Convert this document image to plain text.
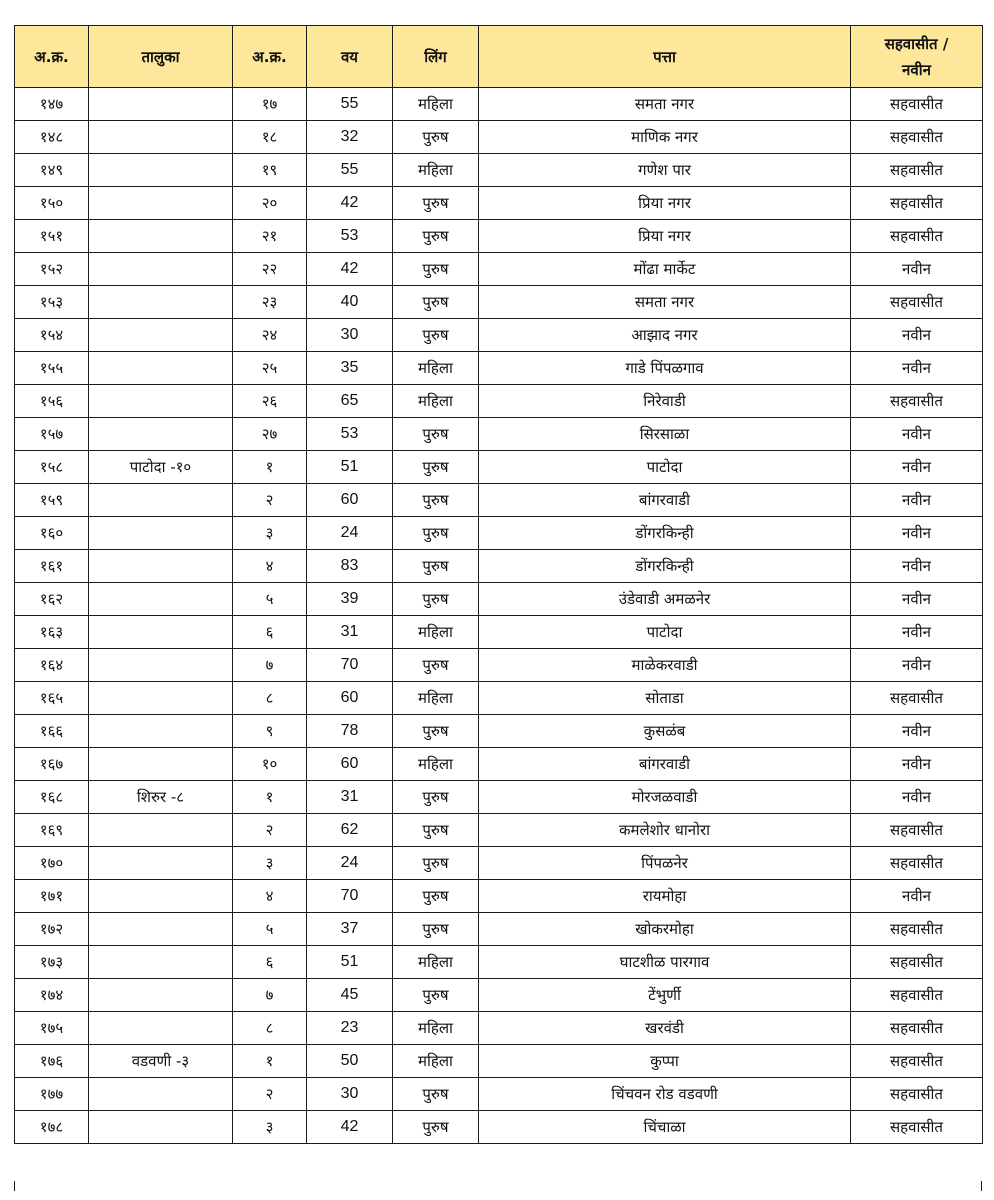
अ.क्र.	तालुका	अ.क्र.	वय	लिंग	पत्ता	सहवासीत /
नवीन

१४७		१७	55	महिला	समता नगर	सहवासीत
१४८		१८	32	पुरुष	माणिक नगर	सहवासीत
१४९		१९	55	महिला	गणेश पार	सहवासीत
१५०		२०	42	पुरुष	प्रिया नगर	सहवासीत
१५१		२१	53	पुरुष	प्रिया नगर	सहवासीत
१५२		२२	42	पुरुष	मोंढा मार्केट	नवीन
१५३		२३	40	पुरुष	समता नगर	सहवासीत
१५४		२४	30	पुरुष	आझाद नगर	नवीन
१५५		२५	35	महिला	गाडे पिंपळगाव	नवीन
१५६		२६	65	महिला	निरेवाडी	सहवासीत
१५७		२७	53	पुरुष	सिरसाळा	नवीन
१५८	पाटोदा -१०	१	51	पुरुष	पाटोदा	नवीन
१५९		२	60	पुरुष	बांगरवाडी	नवीन
१६०		३	24	पुरुष	डोंगरकिन्ही	नवीन
१६१		४	83	पुरुष	डोंगरकिन्ही	नवीन
१६२		५	39	पुरुष	उंडेवाडी अमळनेर	नवीन
१६३		६	31	महिला	पाटोदा	नवीन
१६४		७	70	पुरुष	माळेकरवाडी	नवीन
१६५		८	60	महिला	सोताडा	सहवासीत
१६६		९	78	पुरुष	कुसळंब	नवीन
१६७		१०	60	महिला	बांगरवाडी	नवीन
१६८	शिरुर -८	१	31	पुरुष	मोरजळवाडी	नवीन
१६९		२	62	पुरुष	कमलेशोर धानोरा	सहवासीत
१७०		३	24	पुरुष	पिंपळनेर	सहवासीत
१७१		४	70	पुरुष	रायमोहा	नवीन
१७२		५	37	पुरुष	खोकरमोहा	सहवासीत
१७३		६	51	महिला	घाटशीळ पारगाव	सहवासीत
१७४		७	45	पुरुष	टेंभुर्णी	सहवासीत
१७५		८	23	महिला	खरवंडी	सहवासीत
१७६	वडवणी -३	१	50	महिला	कुप्पा	सहवासीत
१७७		२	30	पुरुष	चिंचवन रोड वडवणी	सहवासीत
१७८		३	42	पुरुष	चिंचाळा	सहवासीत
